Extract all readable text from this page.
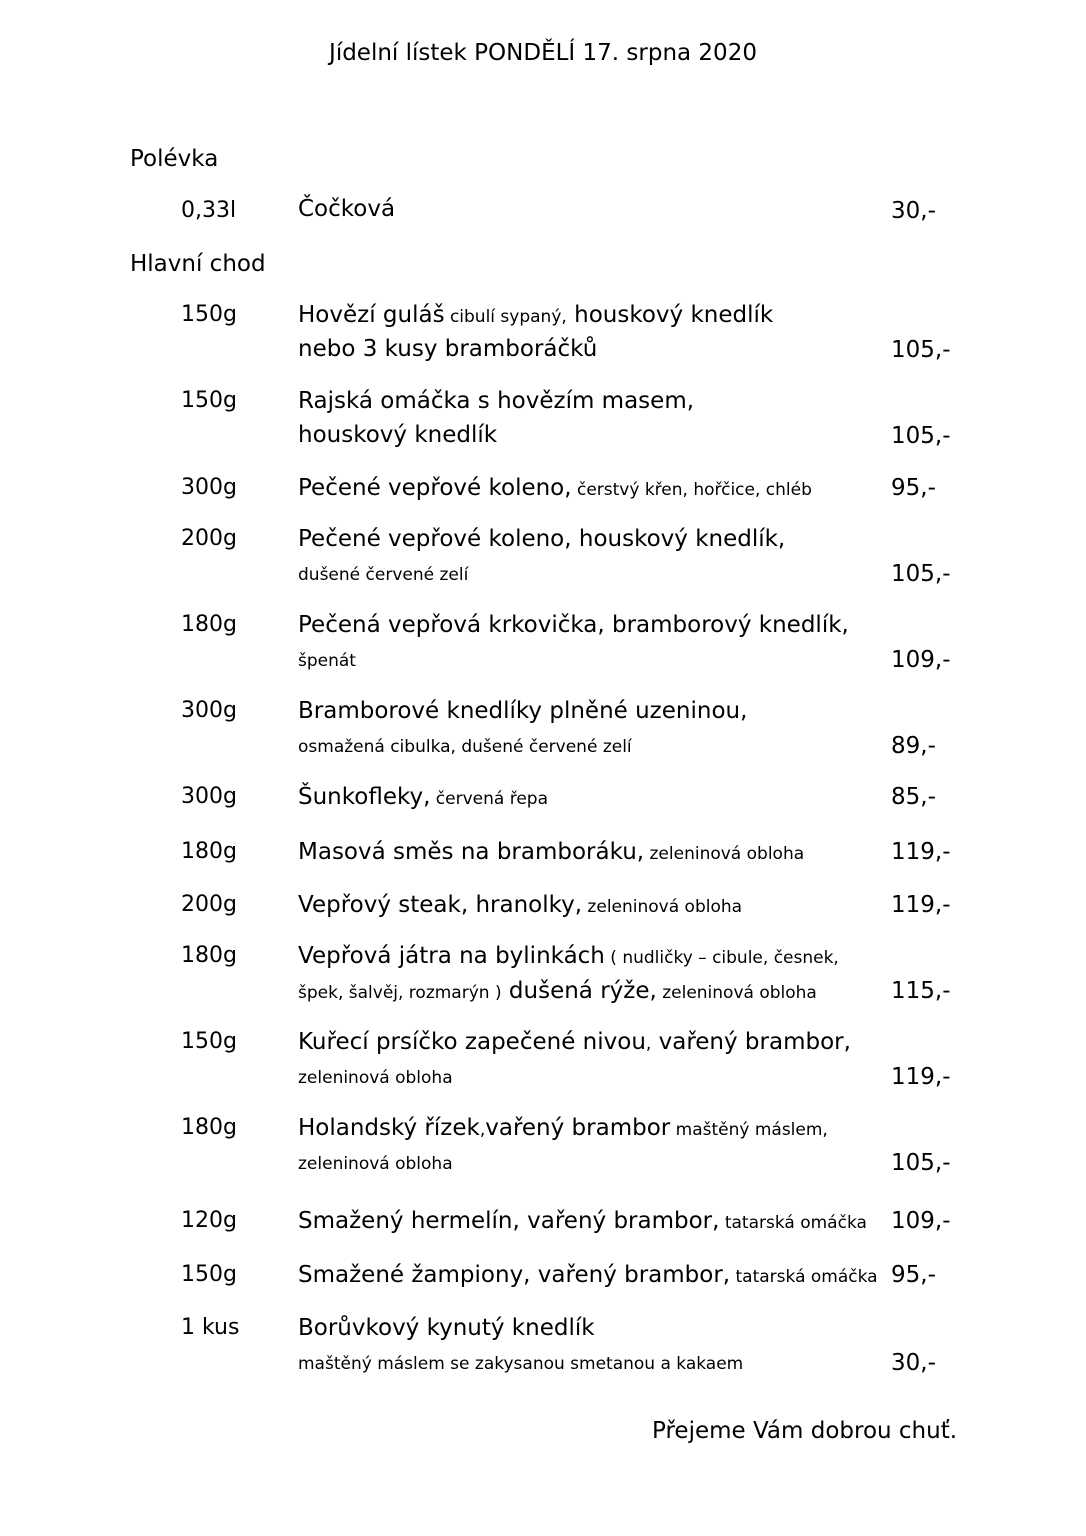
Jídelní lístek PONDĚLÍ 17. srpna 2020
Polévka
0,33l	Čočková	30,-
Hlavní chod
150g	Hovězí guláš cibulí sypaný, houskový knedlík
nebo 3 kusy bramboráčků	105,-
150g	Rajská omáčka s hovězím masem,
houskový knedlík	105,-
300g	Pečené vepřové koleno, čerstvý křen, hořčice, chléb	95,-
200g	Pečené vepřové koleno, houskový knedlík,
dušené červené zelí	105,-
180g	Pečená vepřová krkovička, bramborový knedlík,
špenát	109,-
300g	Bramborové knedlíky plněné uzeninou,
osmažená cibulka, dušené červené zelí	89,-
300g	Šunkofleky, červená řepa	85,-
180g	Masová směs na bramboráku, zeleninová obloha	119,-
200g	Vepřový steak, hranolky, zeleninová obloha	119,-
180g	Vepřová játra na bylinkách ( nudličky – cibule, česnek,
špek, šalvěj, rozmarýn ) dušená rýže, zeleninová obloha	115,-
150g	Kuřecí prsíčko zapečené nivou, vařený brambor,
zeleninová obloha	119,-
180g	Holandský řízek,vařený brambor maštěný máslem,
zeleninová obloha	105,-
120g	Smažený hermelín, vařený brambor, tatarská omáčka 109,-
150g	Smažené žampiony, vařený brambor, tatarská omáčka 95,-
1 kus	Borůvkový kynutý knedlík
maštěný máslem se zakysanou smetanou a kakaem	30,-
Přejeme Vám dobrou chuť.
